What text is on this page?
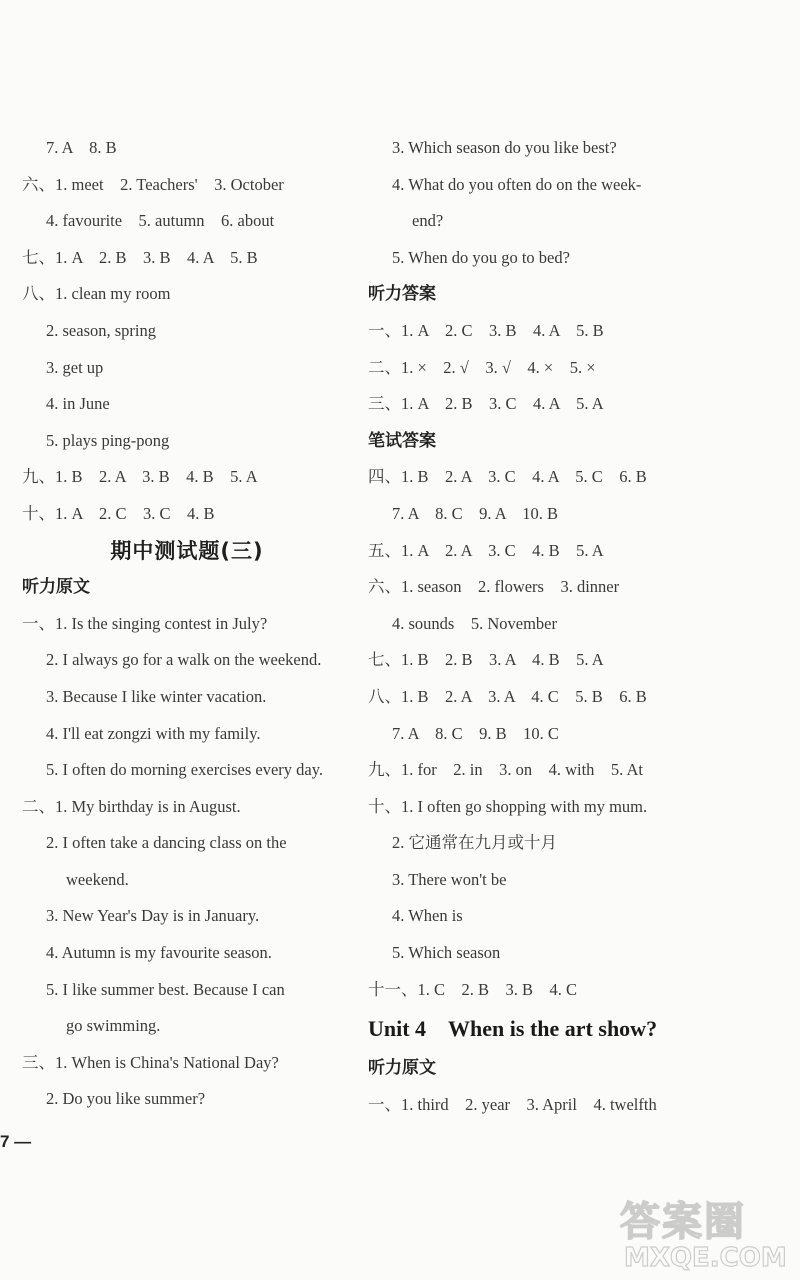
7. A　8. B
六、1. meet　2. Teachers'　3. October
4. favourite　5. autumn　6. about
七、1. A　2. B　3. B　4. A　5. B
八、1. clean my room
2. season, spring
3. get up
4. in June
5. plays ping-pong
九、1. B　2. A　3. B　4. B　5. A
十、1. A　2. C　3. C　4. B
期中测试题(三)
听力原文
一、1. Is the singing contest in July?
2. I always go for a walk on the weekend.
3. Because I like winter vacation.
4. I'll eat zongzi with my family.
5. I often do morning exercises every day.
二、1. My birthday is in August.
2. I often take a dancing class on the
weekend.
3. New Year's Day is in January.
4. Autumn is my favourite season.
5. I like summer best. Because I can
go swimming.
三、1. When is China's National Day?
2. Do you like summer?
3. Which season do you like best?
4. What do you often do on the week-
end?
5. When do you go to bed?
听力答案
一、1. A　2. C　3. B　4. A　5. B
二、1. ×　2. √　3. √　4. ×　5. ×
三、1. A　2. B　3. C　4. A　5. A
笔试答案
四、1. B　2. A　3. C　4. A　5. C　6. B
7. A　8. C　9. A　10. B
五、1. A　2. A　3. C　4. B　5. A
六、1. season　2. flowers　3. dinner
4. sounds　5. November
七、1. B　2. B　3. A　4. B　5. A
八、1. B　2. A　3. A　4. C　5. B　6. B
7. A　8. C　9. B　10. C
九、1. for　2. in　3. on　4. with　5. At
十、1. I often go shopping with my mum.
2. 它通常在九月或十月
3. There won't be
4. When is
5. Which season
十一、1. C　2. B　3. B　4. C
Unit 4　When is the art show?
听力原文
一、1. third　2. year　3. April　4. twelfth
7 —
答案圈
MXQE.COM
